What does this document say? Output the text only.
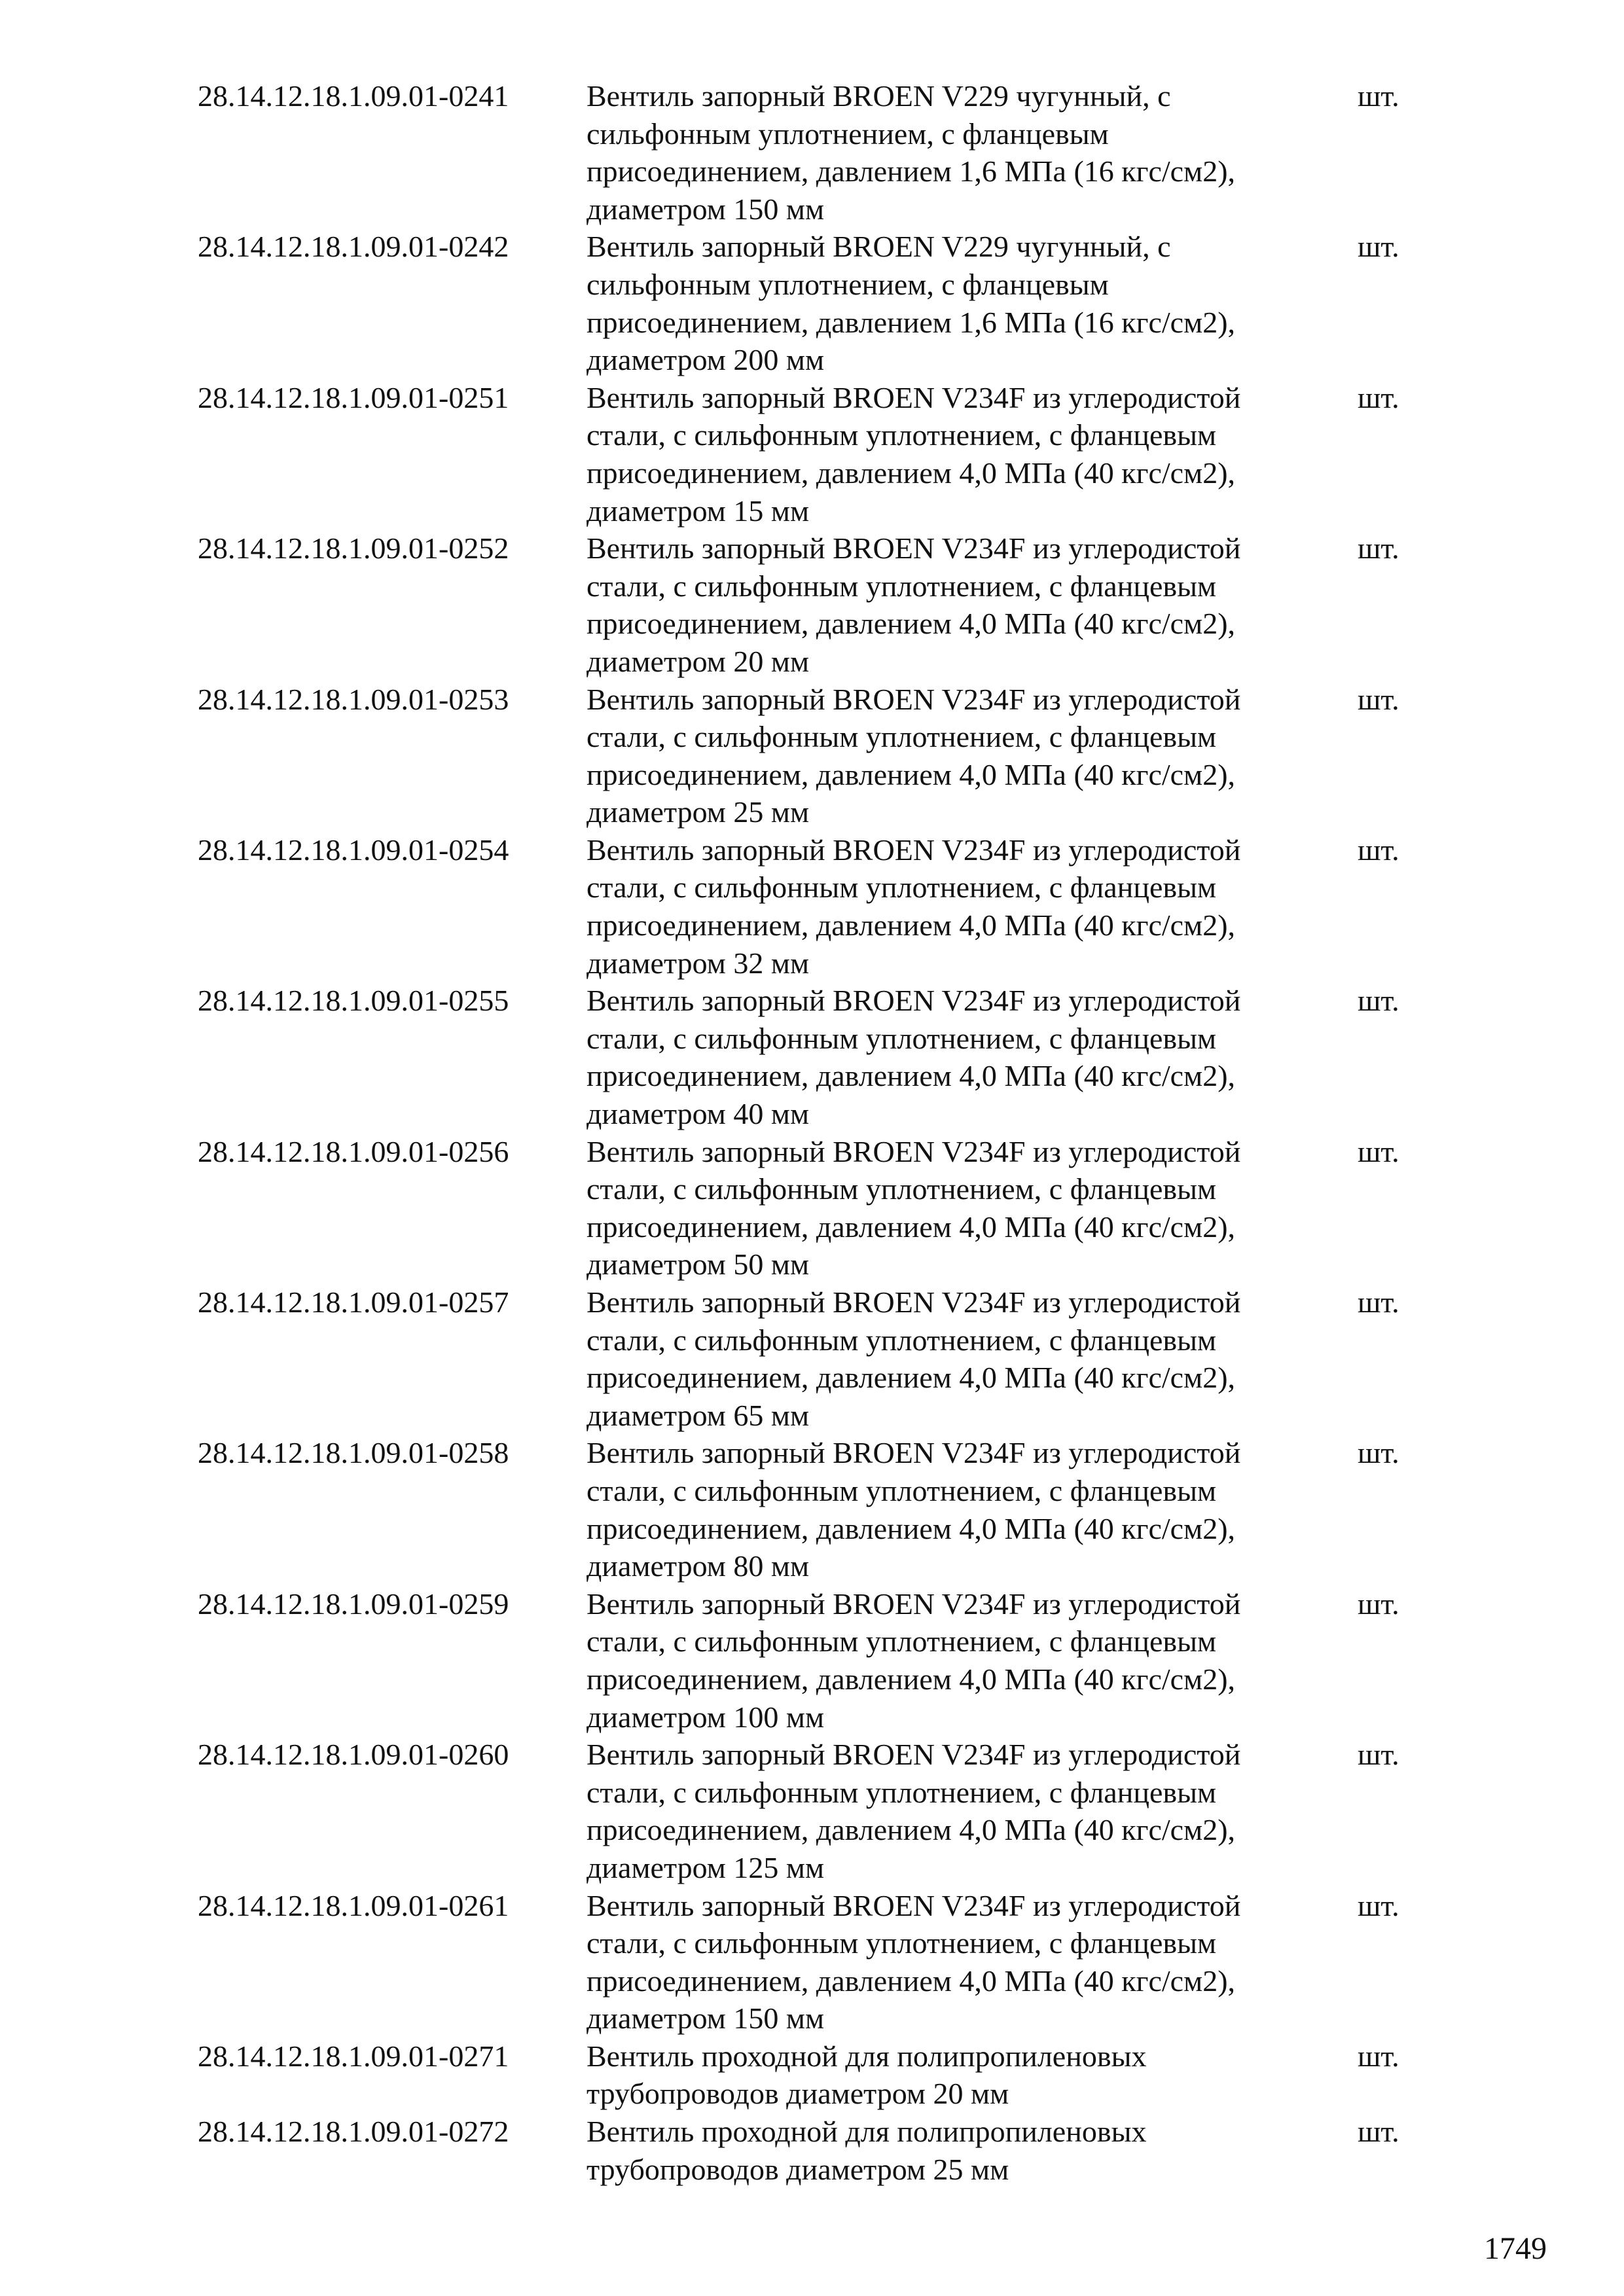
28.14.12.18.1.09.01-0241	Вентиль запорный BROEN V229 чугунный, с
сильфонным уплотнением, с фланцевым
присоединением, давлением 1,6 МПа (16 кгс/см2),
диаметром 150 мм
шт.
28.14.12.18.1.09.01-0242	Вентиль запорный BROEN V229 чугунный, с
сильфонным уплотнением, с фланцевым
присоединением, давлением 1,6 МПа (16 кгс/см2),
диаметром 200 мм
шт.
28.14.12.18.1.09.01-0251	Вентиль запорный BROEN V234F из углеродистой
стали, с сильфонным уплотнением, с фланцевым
присоединением, давлением 4,0 МПа (40 кгс/см2),
диаметром 15 мм
шт.
28.14.12.18.1.09.01-0252	Вентиль запорный BROEN V234F из углеродистой
стали, с сильфонным уплотнением, с фланцевым
присоединением, давлением 4,0 МПа (40 кгс/см2),
диаметром 20 мм
шт.
28.14.12.18.1.09.01-0253	Вентиль запорный BROEN V234F из углеродистой
стали, с сильфонным уплотнением, с фланцевым
присоединением, давлением 4,0 МПа (40 кгс/см2),
диаметром 25 мм
шт.
28.14.12.18.1.09.01-0254	Вентиль запорный BROEN V234F из углеродистой
стали, с сильфонным уплотнением, с фланцевым
присоединением, давлением 4,0 МПа (40 кгс/см2),
диаметром 32 мм
шт.
28.14.12.18.1.09.01-0255	Вентиль запорный BROEN V234F из углеродистой
стали, с сильфонным уплотнением, с фланцевым
присоединением, давлением 4,0 МПа (40 кгс/см2),
диаметром 40 мм
шт.
28.14.12.18.1.09.01-0256	Вентиль запорный BROEN V234F из углеродистой
стали, с сильфонным уплотнением, с фланцевым
присоединением, давлением 4,0 МПа (40 кгс/см2),
диаметром 50 мм
шт.
28.14.12.18.1.09.01-0257	Вентиль запорный BROEN V234F из углеродистой
стали, с сильфонным уплотнением, с фланцевым
присоединением, давлением 4,0 МПа (40 кгс/см2),
диаметром 65 мм
шт.
28.14.12.18.1.09.01-0258	Вентиль запорный BROEN V234F из углеродистой
стали, с сильфонным уплотнением, с фланцевым
присоединением, давлением 4,0 МПа (40 кгс/см2),
диаметром 80 мм
шт.
28.14.12.18.1.09.01-0259	Вентиль запорный BROEN V234F из углеродистой
стали, с сильфонным уплотнением, с фланцевым
присоединением, давлением 4,0 МПа (40 кгс/см2),
диаметром 100 мм
шт.
28.14.12.18.1.09.01-0260	Вентиль запорный BROEN V234F из углеродистой
стали, с сильфонным уплотнением, с фланцевым
присоединением, давлением 4,0 МПа (40 кгс/см2),
диаметром 125 мм
шт.
28.14.12.18.1.09.01-0261	Вентиль запорный BROEN V234F из углеродистой
стали, с сильфонным уплотнением, с фланцевым
присоединением, давлением 4,0 МПа (40 кгс/см2),
диаметром 150 мм
шт.
28.14.12.18.1.09.01-0271	Вентиль проходной для полипропиленовых
трубопроводов диаметром 20 мм
шт.
28.14.12.18.1.09.01-0272	Вентиль проходной для полипропиленовых
трубопроводов диаметром 25 мм
шт.
1749
